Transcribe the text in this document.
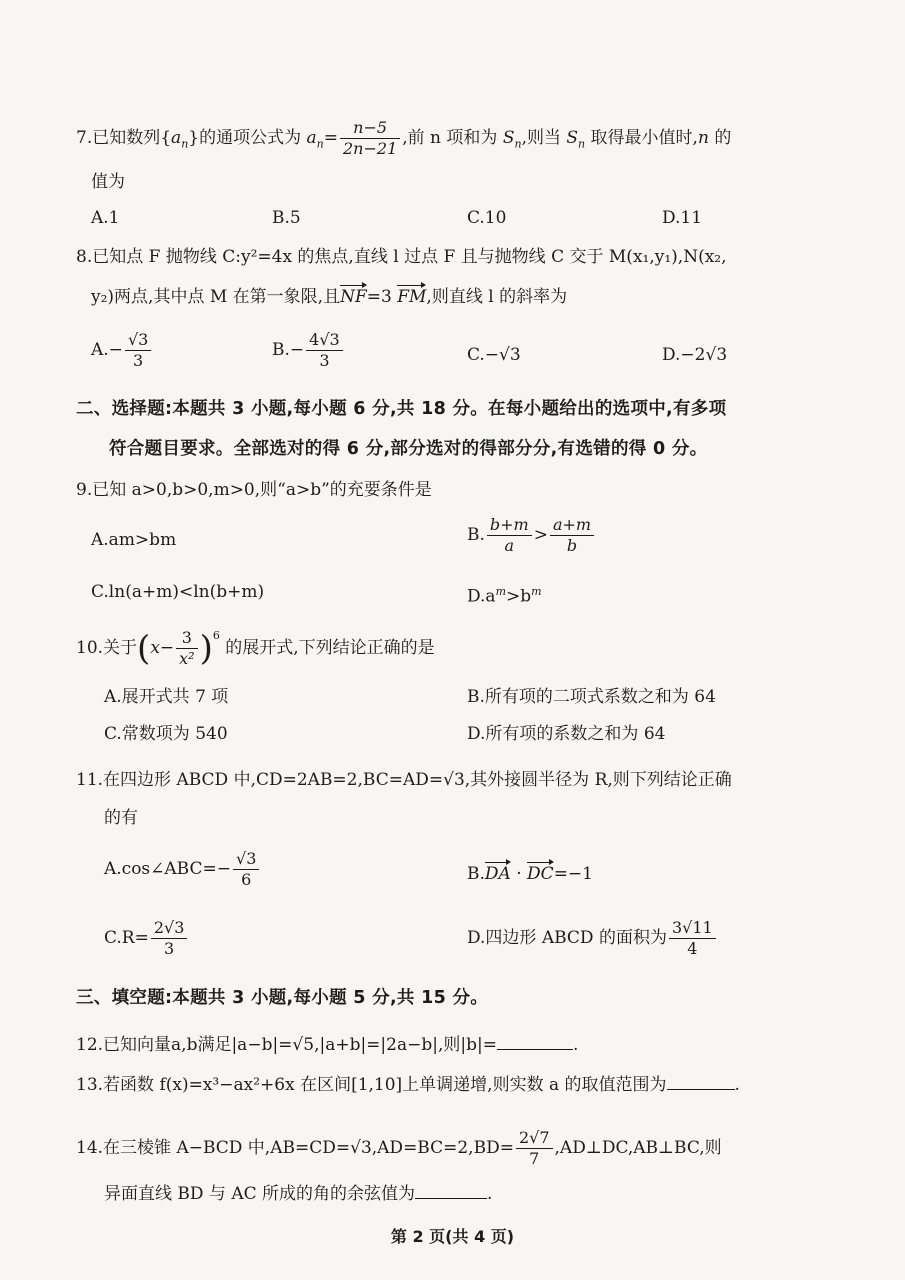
7.已知数列$\{a_n\}$的通项公式为 $a_n= \frac{n-5}{2n-21}$ ,前 n 项和为 $S_n$,则当 $S_n$ 取得最小值时,n 的
值为
A.1	B.5	C.10	D.11
8.已知点 F 抛物线 C:y²=4x 的焦点,直线 l 过点 F 且与抛物线 C 交于 M(x₁,y₁),N(x₂,
y₂)两点,其中点 M 在第一象限,且NF=3 FM,则直线 l 的斜率为
$A.- \frac{√3}{3}$	$B.- \frac{4√3}{3}$	C.−√3	D.−2√3
二、选择题:本题共 3 小题,每小题 6 分,共 18 分。在每小题给出的选项中,有多项
符合题目要求。全部选对的得 6 分,部分选对的得部分分,有选错的得 0 分。
9.已知 a>0,b>0,m>0,则“a>b”的充要条件是
A.am>bm	B. $\frac{b+m}{a} > \frac{a+m}{b}$
C.ln(a+m)<ln(b+m)	$D.a^m>b^m$
10.关于$(x- \frac{3}{\text{x²}} )^6$ 的展开式,下列结论正确的是
A.展开式共 7 项	B.所有项的二项式系数之和为 64
C.常数项为 540	D.所有项的系数之和为 64
11.在四边形 ABCD 中,CD=2AB=2,BC=AD=√3,其外接圆半径为 R,则下列结论正确
的有
A.cos∠ABC=− $\frac{√3}{6}$	B.DA · DC=−1
$C.R= \frac{2√3}{3}$	D.四边形 ABCD 的面积为 $\frac{3√11}{4}$
三、填空题:本题共 3 小题,每小题 5 分,共 15 分。
12.已知向量a,b满足|a−b|=√5,|a+b|=|2a−b|,则|b|=	.
13.若函数 f(x)=x³−ax²+6x 在区间[1,10]上单调递增,则实数 a 的取值范围为	.
14.在三棱锥 A−BCD 中$,AB=CD=√3,AD=BC=2,BD= \frac{2√7}{7}$ ,AD⊥DC,AB⊥BC,则
异面直线 BD 与 AC 所成的角的余弦值为	.
第 2 页(共 4 页)
